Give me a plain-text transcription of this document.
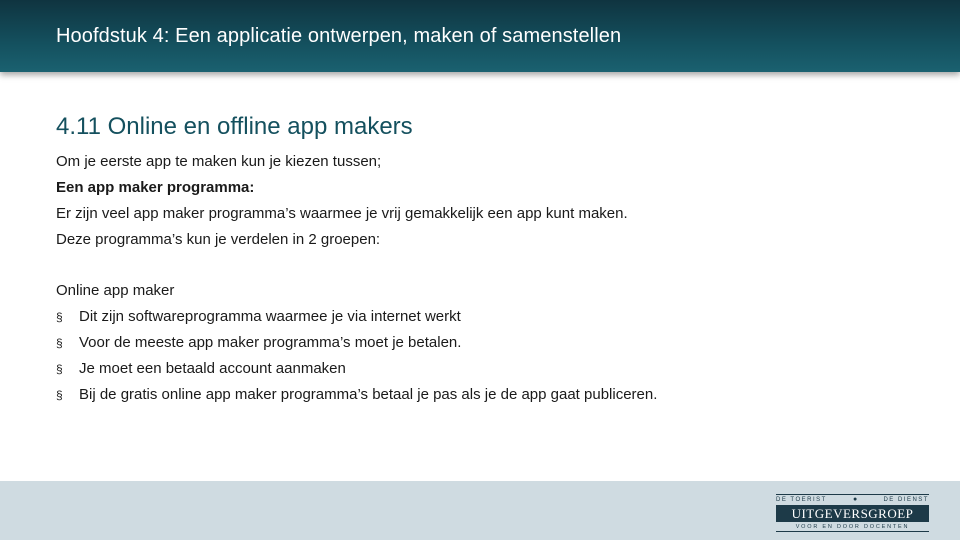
Hoofdstuk 4: Een applicatie ontwerpen, maken of samenstellen
4.11 Online en offline app makers
Om je eerste app te maken kun je kiezen tussen;
Een app maker programma:
Er zijn veel app maker programma’s waarmee je vrij gemakkelijk een app kunt maken.
Deze programma’s kun je verdelen in 2 groepen:
Online app maker
§ Dit zijn softwareprogramma waarmee je via internet werkt
§ Voor de meeste app maker programma’s moet je betalen.
§ Je moet een betaald account aanmaken
§ Bij de gratis online app maker programma’s betaal je pas als je de app gaat publiceren.
DE TOERIST	●	DE DIENST
UITGEVERSGROEP
VOOR EN DOOR DOCENTEN
